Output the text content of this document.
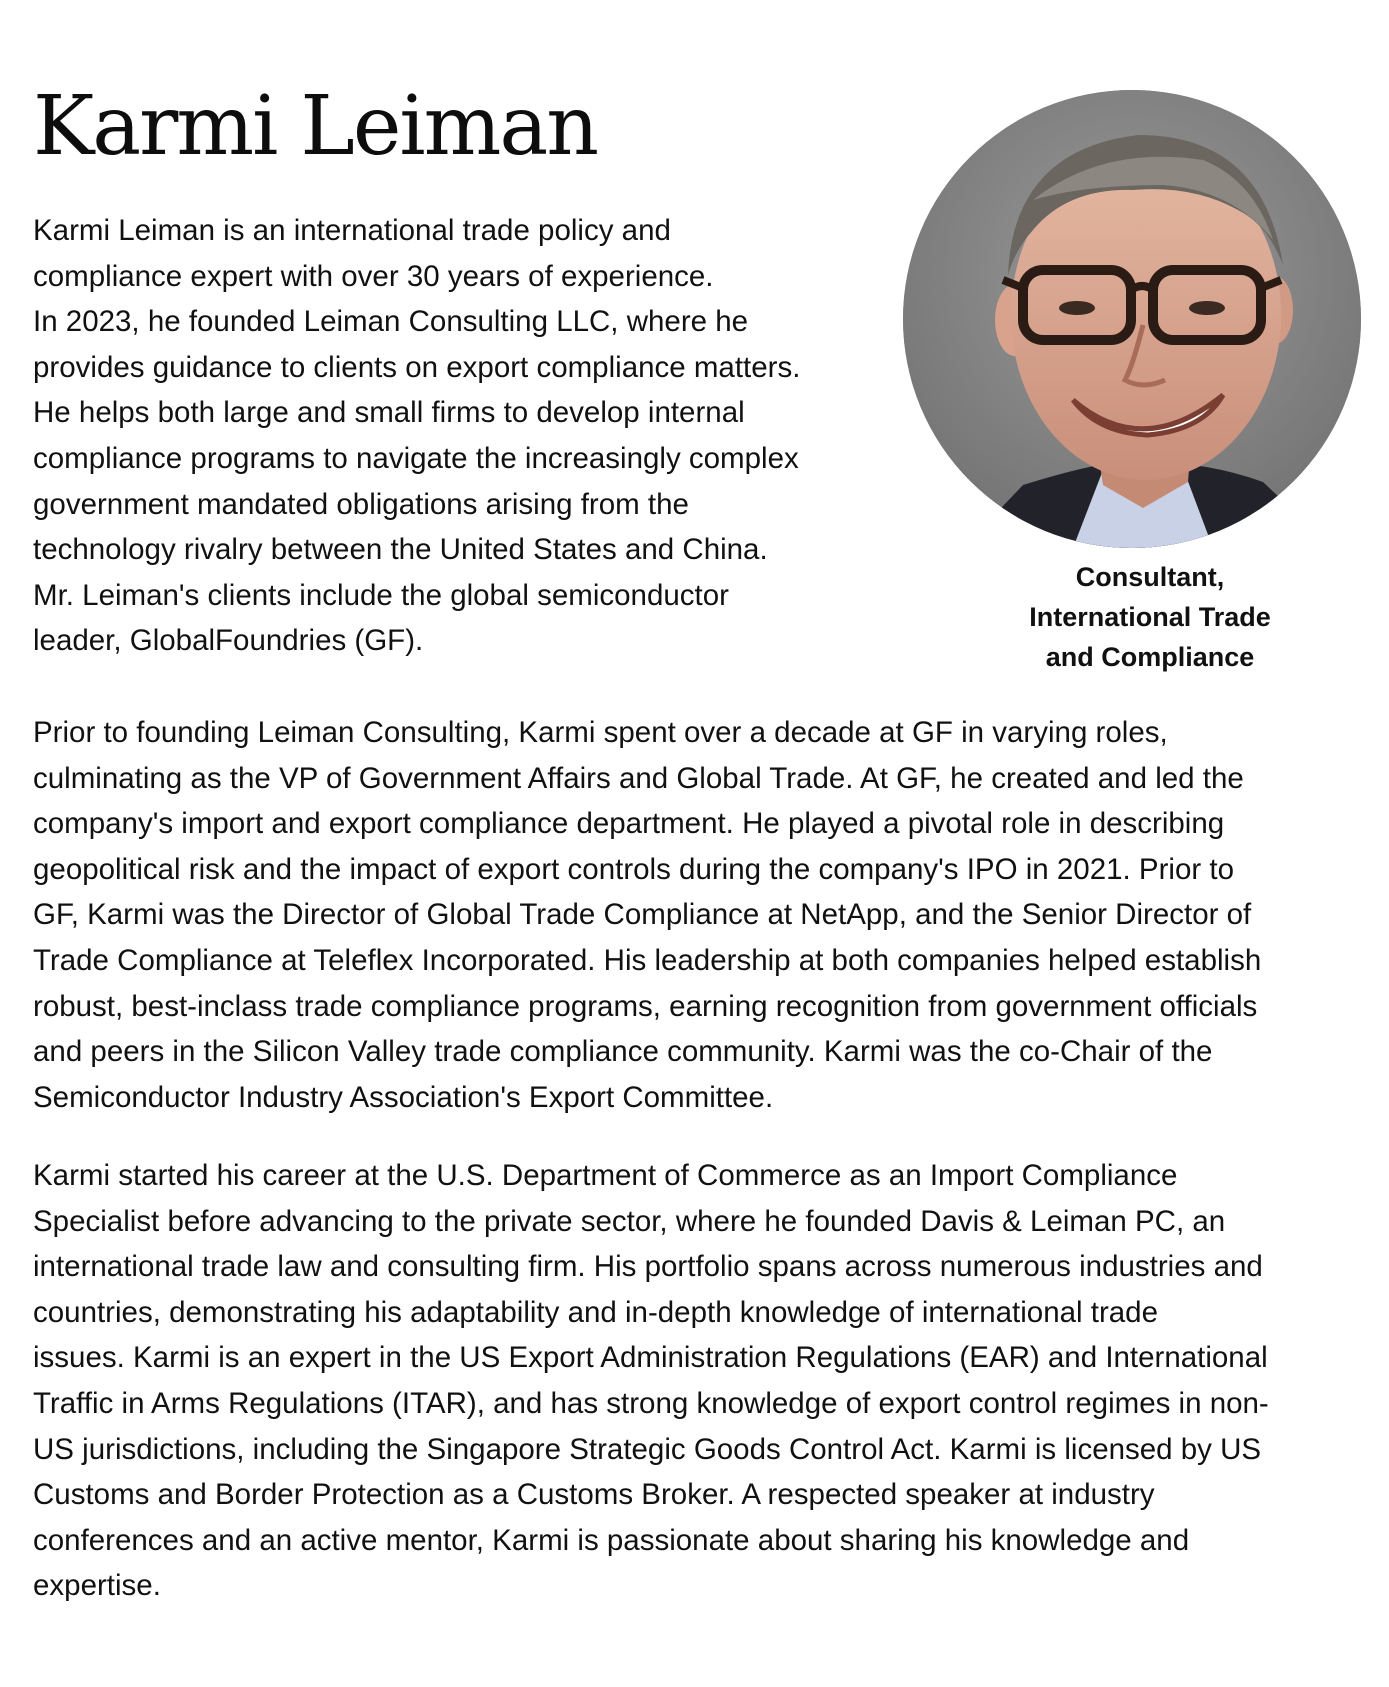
Karmi Leiman
Karmi Leiman is an international trade policy and
compliance expert with over 30 years of experience.
In 2023, he founded Leiman Consulting LLC, where he
provides guidance to clients on export compliance matters.
He helps both large and small firms to develop internal
compliance programs to navigate the increasingly complex
government mandated obligations arising from the
technology rivalry between the United States and China.
Mr. Leiman's clients include the global semiconductor
leader, GlobalFoundries (GF).
Consultant,
International Trade
and Compliance
Prior to founding Leiman Consulting, Karmi spent over a decade at GF in varying roles,
culminating as the VP of Government Affairs and Global Trade. At GF, he created and led the
company's import and export compliance department. He played a pivotal role in describing
geopolitical risk and the impact of export controls during the company's IPO in 2021. Prior to
GF, Karmi was the Director of Global Trade Compliance at NetApp, and the Senior Director of
Trade Compliance at Teleflex Incorporated. His leadership at both companies helped establish
robust, best-inclass trade compliance programs, earning recognition from government officials
and peers in the Silicon Valley trade compliance community. Karmi was the co-Chair of the
Semiconductor Industry Association's Export Committee.
Karmi started his career at the U.S. Department of Commerce as an Import Compliance
Specialist before advancing to the private sector, where he founded Davis & Leiman PC, an
international trade law and consulting firm. His portfolio spans across numerous industries and
countries, demonstrating his adaptability and in-depth knowledge of international trade
issues. Karmi is an expert in the US Export Administration Regulations (EAR) and International
Traffic in Arms Regulations (ITAR), and has strong knowledge of export control regimes in non-
US jurisdictions, including the Singapore Strategic Goods Control Act. Karmi is licensed by US
Customs and Border Protection as a Customs Broker. A respected speaker at industry
conferences and an active mentor, Karmi is passionate about sharing his knowledge and
expertise.
